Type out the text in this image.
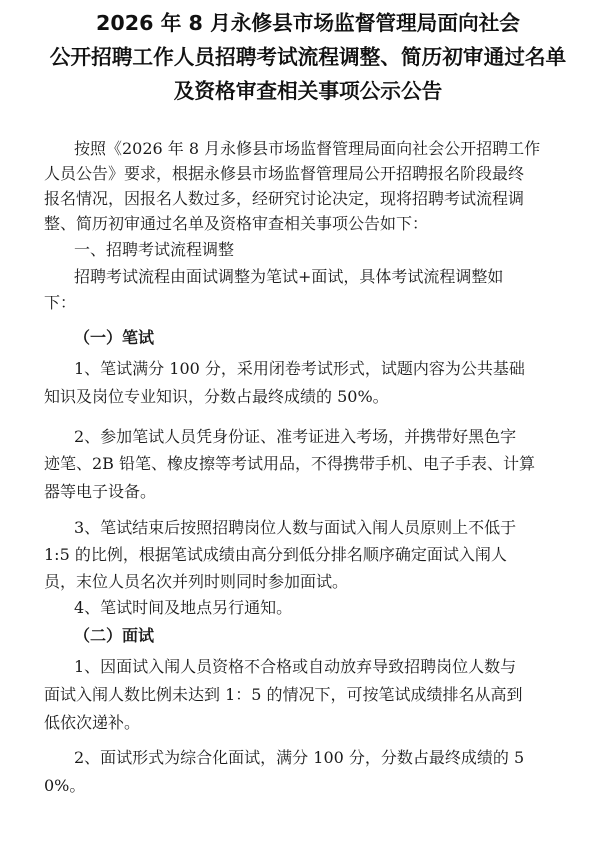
2026 年 8 月永修县市场监督管理局面向社会
公开招聘工作人员招聘考试流程调整、简历初审通过名单
及资格审查相关事项公示公告
按照《2026 年 8 月永修县市场监督管理局面向社会公开招聘工作
人员公告》要求，根据永修县市场监督管理局公开招聘报名阶段最终
报名情况，因报名人数过多，经研究讨论决定，现将招聘考试流程调
整、简历初审通过名单及资格审查相关事项公告如下：
一、招聘考试流程调整
招聘考试流程由面试调整为笔试+面试，具体考试流程调整如
下：
（一）笔试
1、笔试满分 100 分，采用闭卷考试形式，试题内容为公共基础
知识及岗位专业知识，分数占最终成绩的 50%。
2、参加笔试人员凭身份证、准考证进入考场，并携带好黑色字
迹笔、2B 铅笔、橡皮擦等考试用品，不得携带手机、电子手表、计算
器等电子设备。
3、笔试结束后按照招聘岗位人数与面试入闱人员原则上不低于
1:5 的比例，根据笔试成绩由高分到低分排名顺序确定面试入闱人
员，末位人员名次并列时则同时参加面试。
4、笔试时间及地点另行通知。
（二）面试
1、因面试入闱人员资格不合格或自动放弃导致招聘岗位人数与
面试入闱人数比例未达到 1：5 的情况下，可按笔试成绩排名从高到
低依次递补。
2、面试形式为综合化面试，满分 100 分，分数占最终成绩的 5
0%。
